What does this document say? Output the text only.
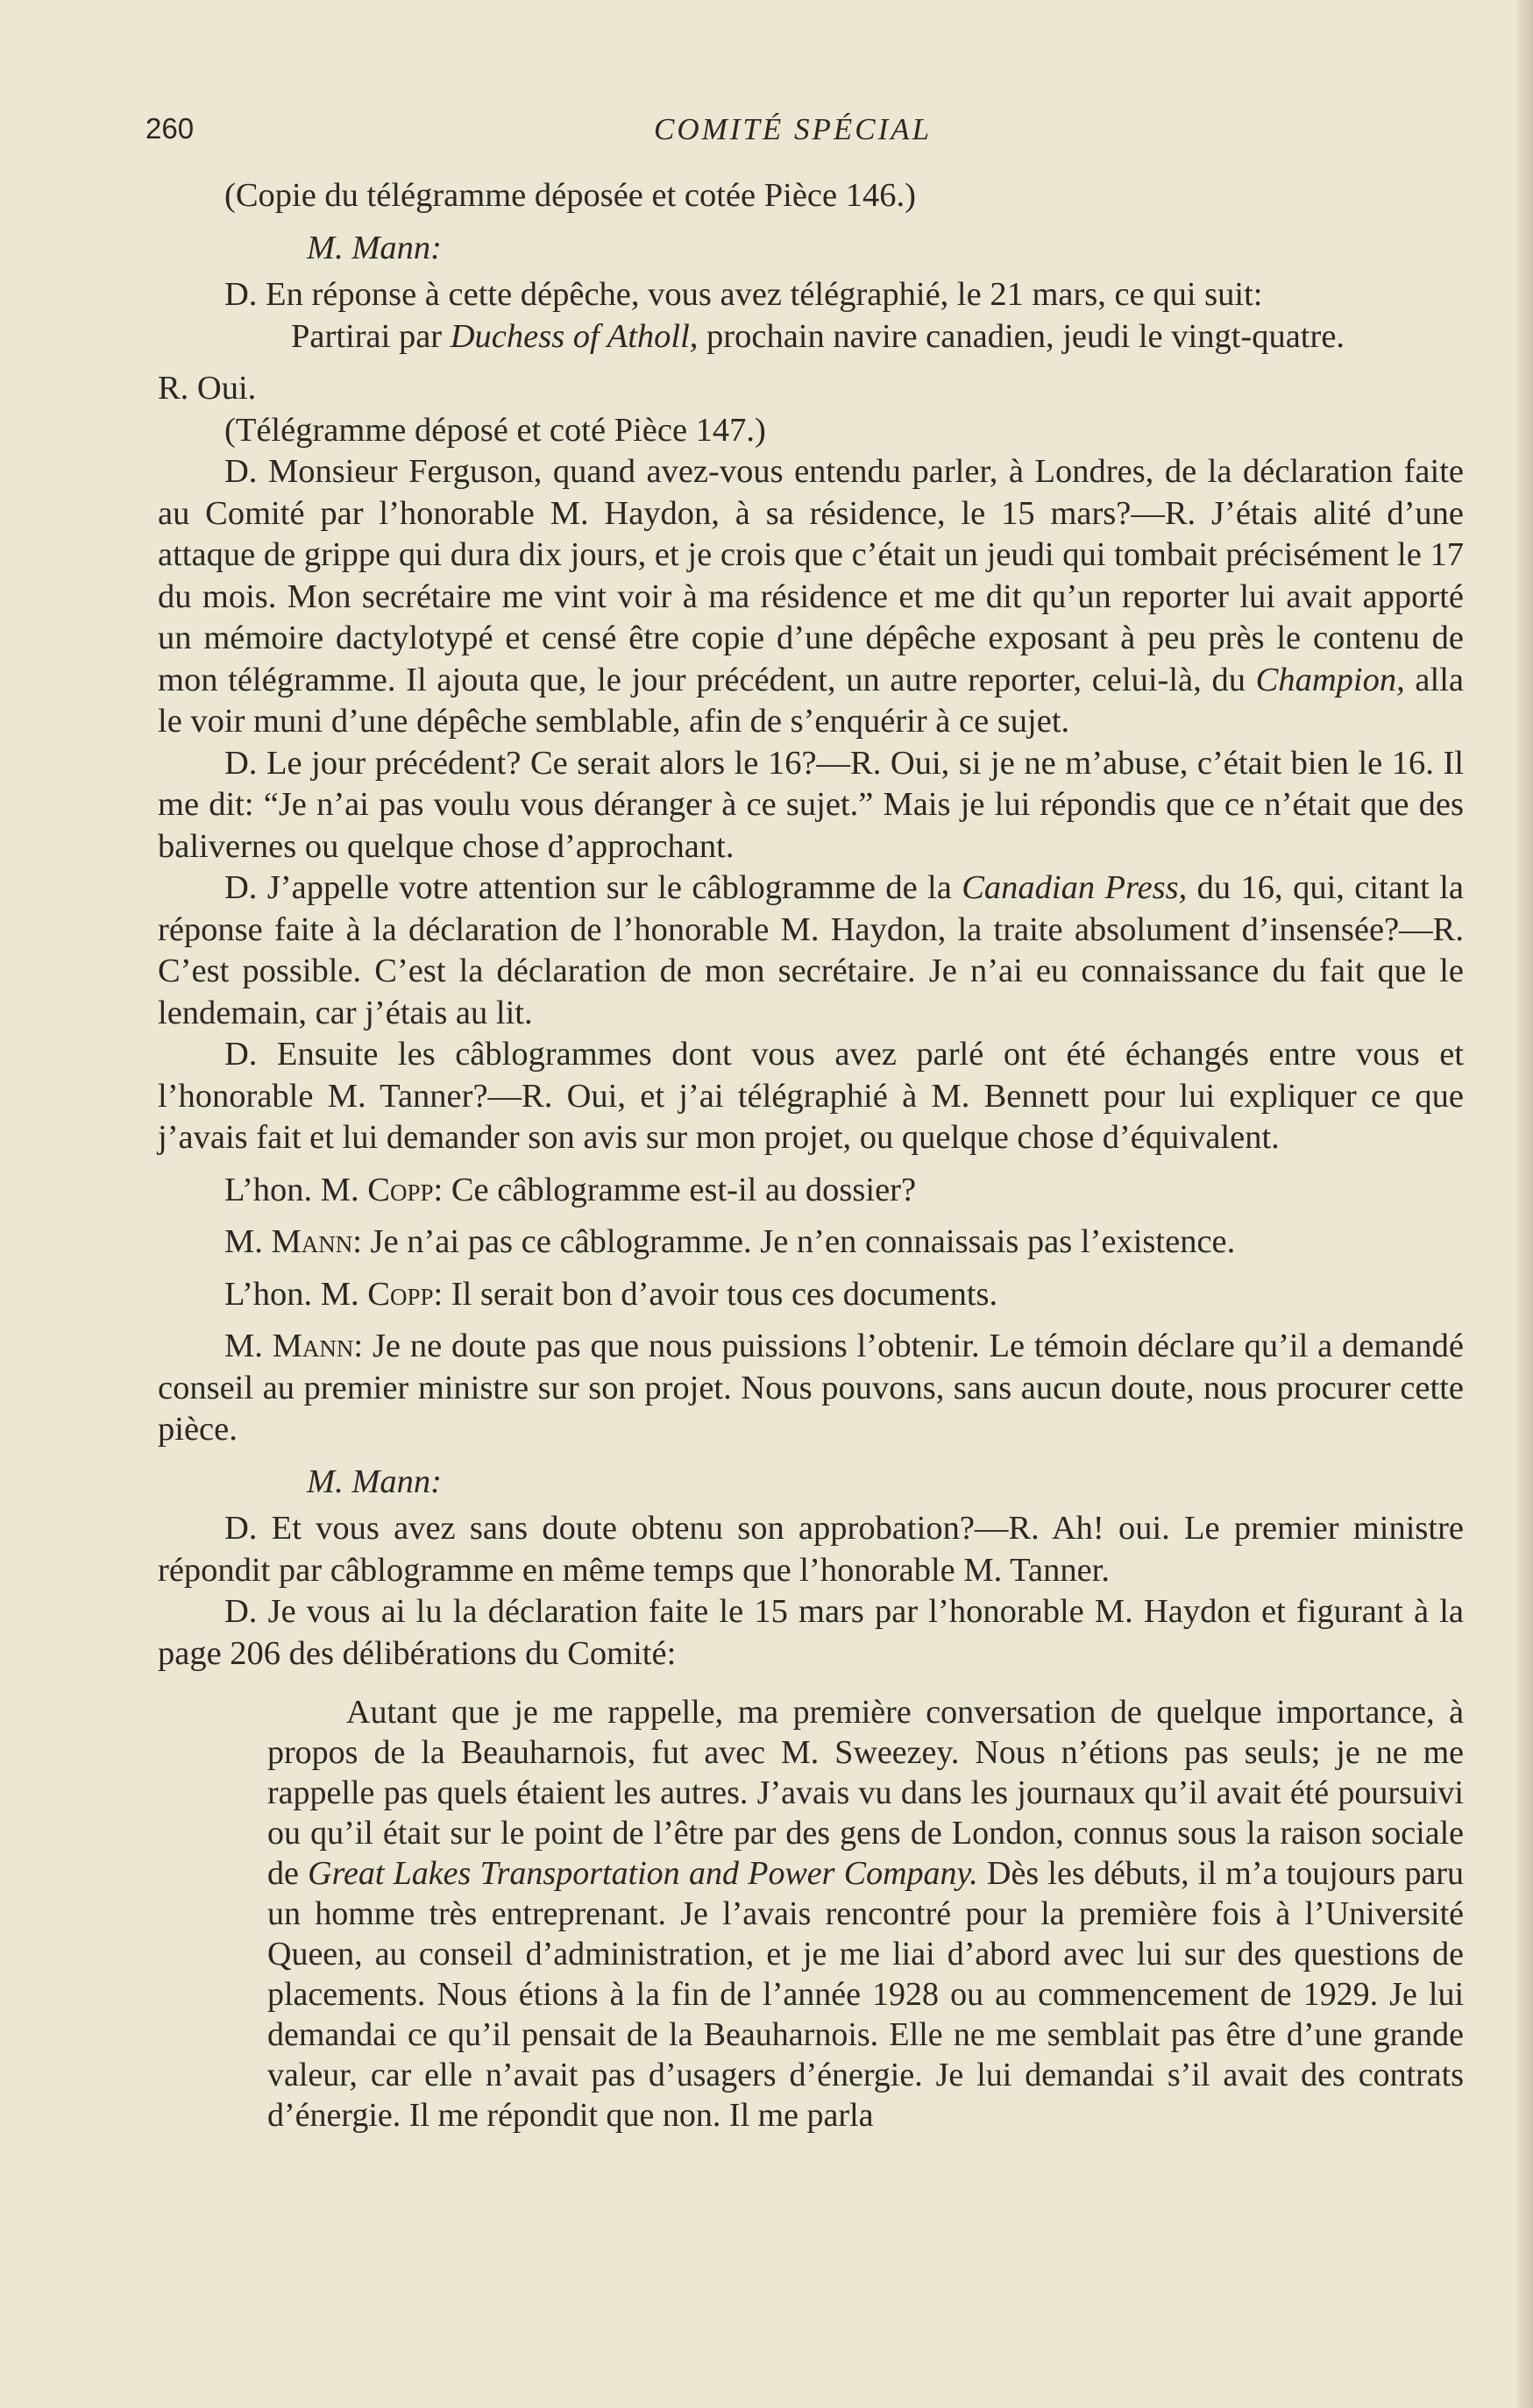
260	COMITÉ SPÉCIAL

(Copie du télégramme déposée et cotée Pièce 146.)

M. Mann:

D. En réponse à cette dépêche, vous avez télégraphié, le 21 mars, ce qui suit:

Partirai par Duchess of Atholl, prochain navire canadien, jeudi le vingt-quatre.

R. Oui.

(Télégramme déposé et coté Pièce 147.)

D. Monsieur Ferguson, quand avez-vous entendu parler, à Londres, de la déclaration faite au Comité par l’honorable M. Haydon, à sa résidence, le 15 mars?—R. J’étais alité d’une attaque de grippe qui dura dix jours, et je crois que c’était un jeudi qui tombait précisément le 17 du mois. Mon secrétaire me vint voir à ma résidence et me dit qu’un reporter lui avait apporté un mémoire dactylotypé et censé être copie d’une dépêche exposant à peu près le contenu de mon télégramme. Il ajouta que, le jour précédent, un autre reporter, celui-là, du Champion, alla le voir muni d’une dépêche semblable, afin de s’enquérir à ce sujet.

D. Le jour précédent? Ce serait alors le 16?—R. Oui, si je ne m’abuse, c’était bien le 16. Il me dit: “Je n’ai pas voulu vous déranger à ce sujet.” Mais je lui répondis que ce n’était que des balivernes ou quelque chose d’approchant.

D. J’appelle votre attention sur le câblogramme de la Canadian Press, du 16, qui, citant la réponse faite à la déclaration de l’honorable M. Haydon, la traite absolument d’insensée?—R. C’est possible. C’est la déclaration de mon secrétaire. Je n’ai eu connaissance du fait que le lendemain, car j’étais au lit.

D. Ensuite les câblogrammes dont vous avez parlé ont été échangés entre vous et l’honorable M. Tanner?—R. Oui, et j’ai télégraphié à M. Bennett pour lui expliquer ce que j’avais fait et lui demander son avis sur mon projet, ou quelque chose d’équivalent.

L’hon. M. Copp: Ce câblogramme est-il au dossier?

M. Mann: Je n’ai pas ce câblogramme. Je n’en connaissais pas l’existence.

L’hon. M. Copp: Il serait bon d’avoir tous ces documents.

M. Mann: Je ne doute pas que nous puissions l’obtenir. Le témoin déclare qu’il a demandé conseil au premier ministre sur son projet. Nous pouvons, sans aucun doute, nous procurer cette pièce.

M. Mann:

D. Et vous avez sans doute obtenu son approbation?—R. Ah! oui. Le premier ministre répondit par câblogramme en même temps que l’honorable M. Tanner.

D. Je vous ai lu la déclaration faite le 15 mars par l’honorable M. Haydon et figurant à la page 206 des délibérations du Comité:

Autant que je me rappelle, ma première conversation de quelque importance, à propos de la Beauharnois, fut avec M. Sweezey. Nous n’étions pas seuls; je ne me rappelle pas quels étaient les autres. J’avais vu dans les journaux qu’il avait été poursuivi ou qu’il était sur le point de l’être par des gens de London, connus sous la raison sociale de Great Lakes Transportation and Power Company. Dès les débuts, il m’a toujours paru un homme très entreprenant. Je l’avais rencontré pour la première fois à l’Université Queen, au conseil d’administration, et je me liai d’abord avec lui sur des questions de placements. Nous étions à la fin de l’année 1928 ou au commencement de 1929. Je lui demandai ce qu’il pensait de la Beauharnois. Elle ne me semblait pas être d’une grande valeur, car elle n’avait pas d’usagers d’énergie. Je lui demandai s’il avait des contrats d’énergie. Il me répondit que non. Il me parla
